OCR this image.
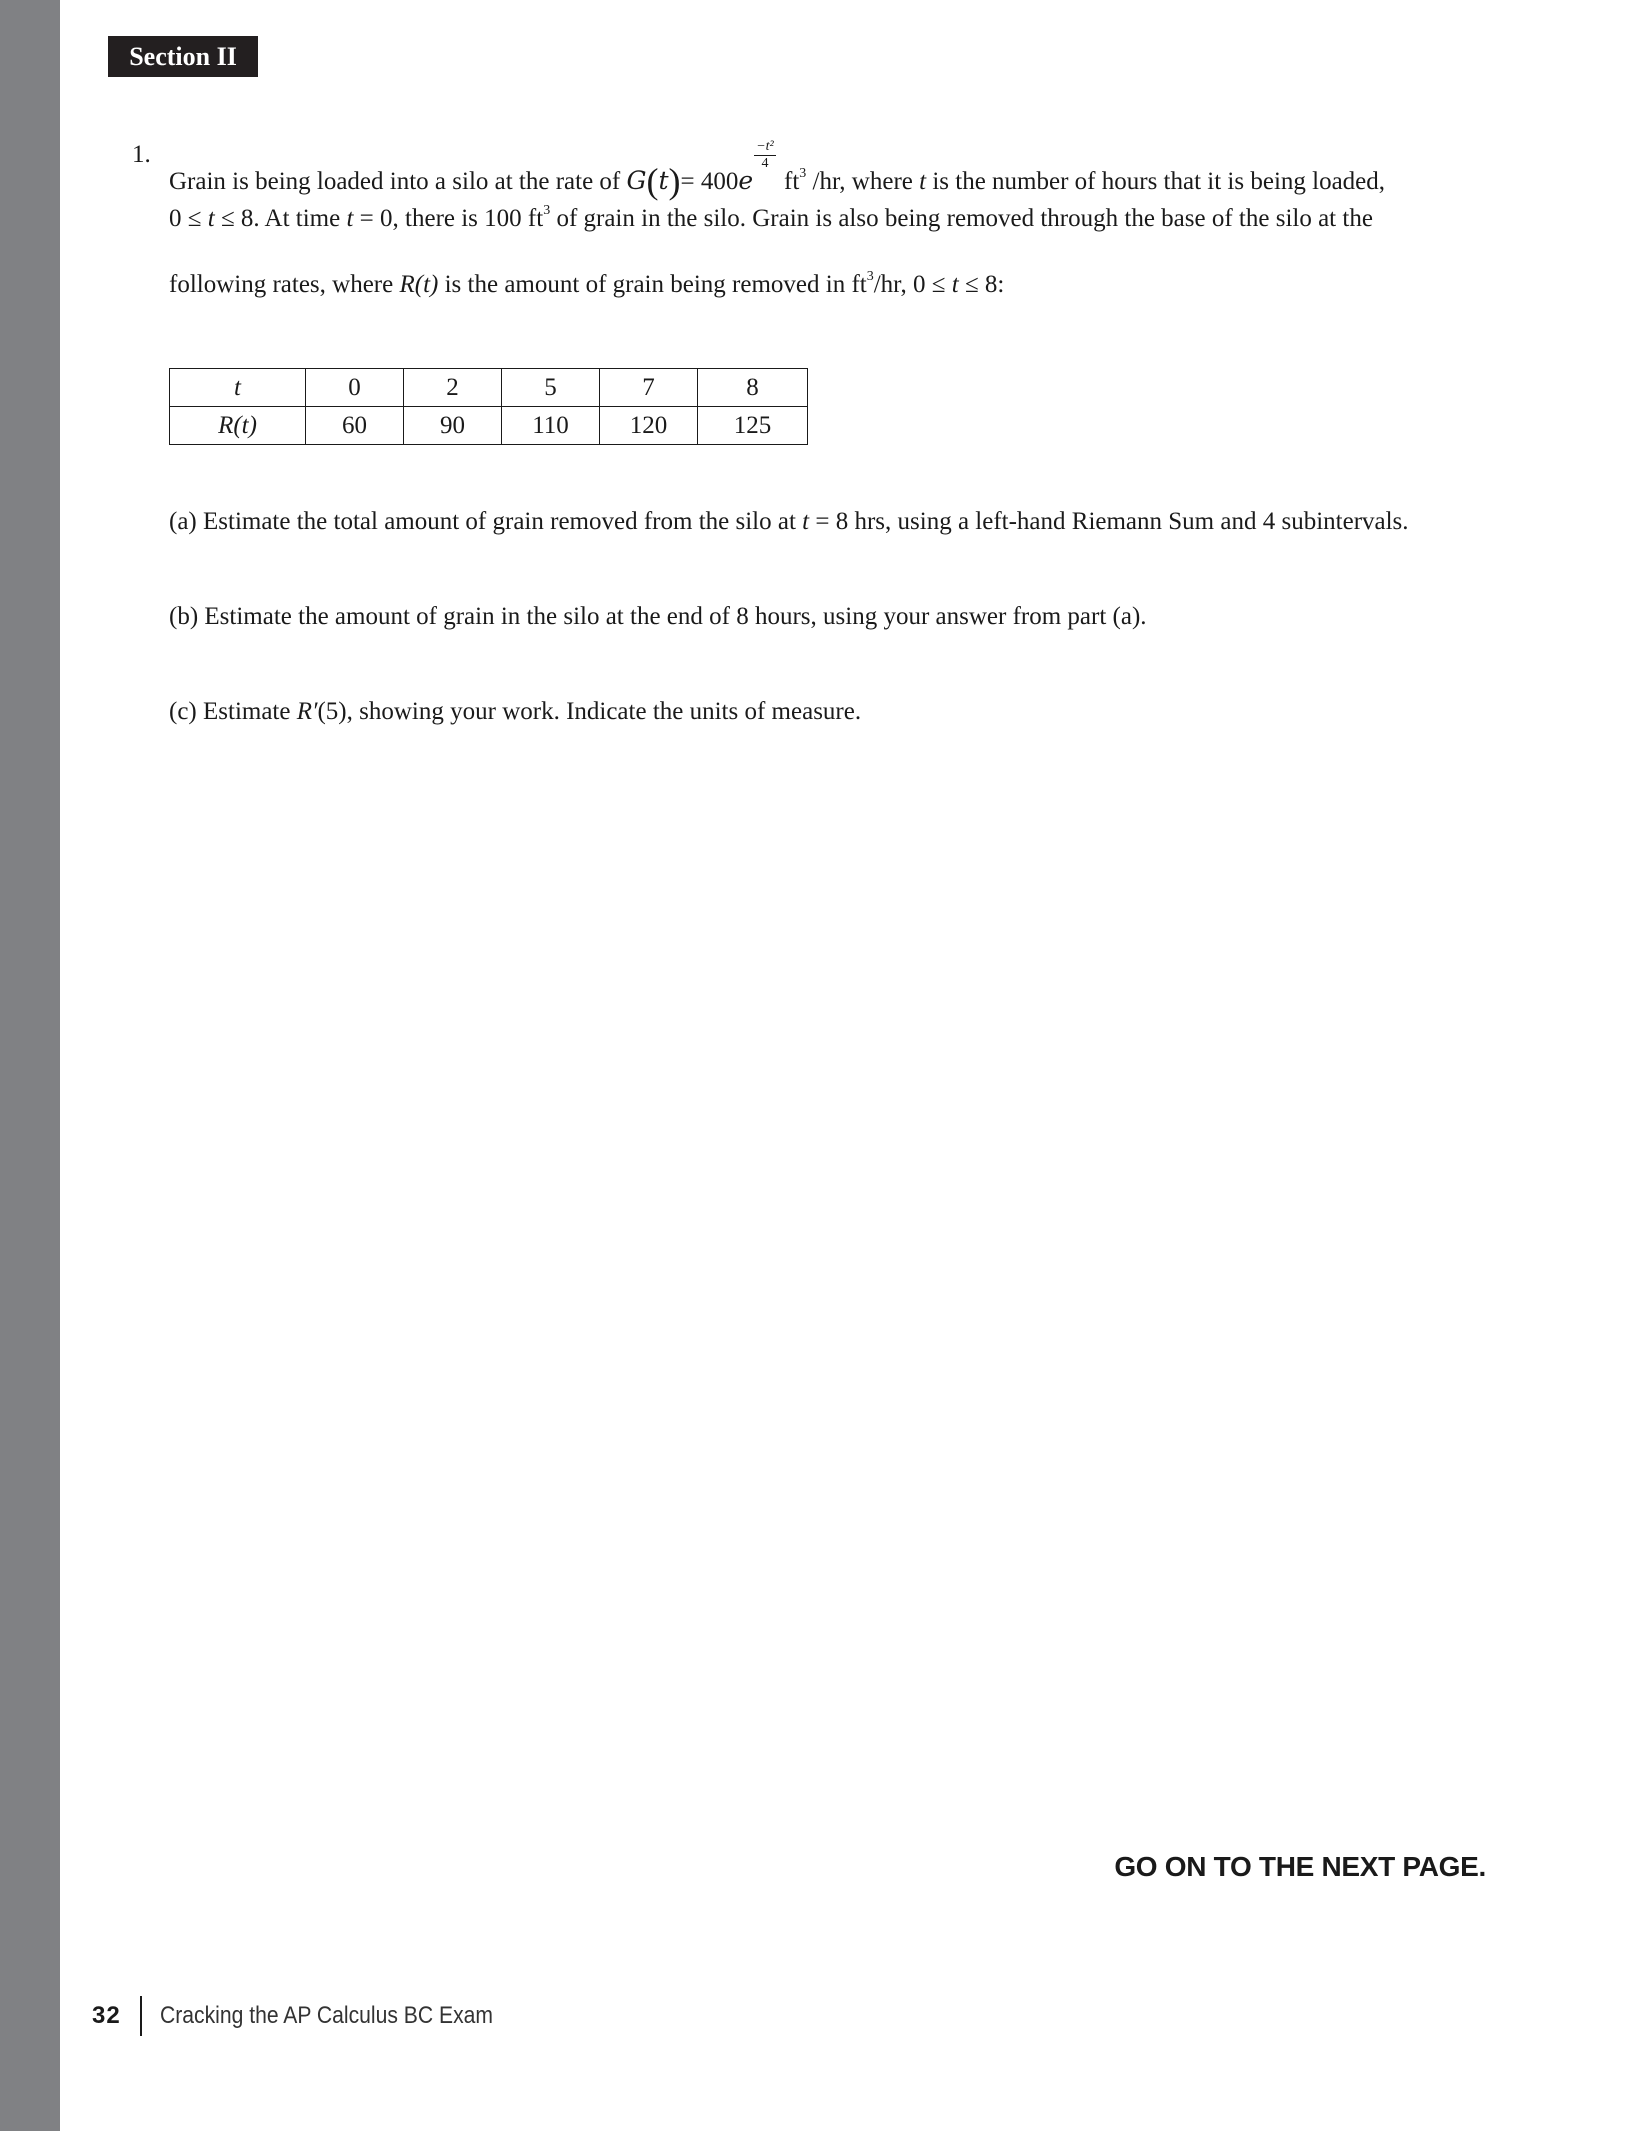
Section II
1.
Grain is being loaded into a silo at the rate of G(t)= 400e
$\frac{\text{−t²}}{4}$
$ft^3$ /hr, where t is the number of hours that it is being loaded,
0 ≤ t ≤ 8. At time t = 0, there is 100 $ft^3$ of grain in the silo. Grain is also being removed through the base of the silo at the
following rates, where R(t) is the amount of grain being removed in $ft^3/hr$, 0 ≤ t ≤ 8:
t	0	2	5	7	8
R(t)	60	90	110	120	125
(a) Estimate the total amount of grain removed from the silo at t = 8 hrs, using a left-hand Riemann Sum and 4 subintervals.
(b) Estimate the amount of grain in the silo at the end of 8 hours, using your answer from part (a).
(c) Estimate R′(5), showing your work. Indicate the units of measure.
GO ON TO THE NEXT PAGE.
32 Cracking the AP Calculus BC Exam
